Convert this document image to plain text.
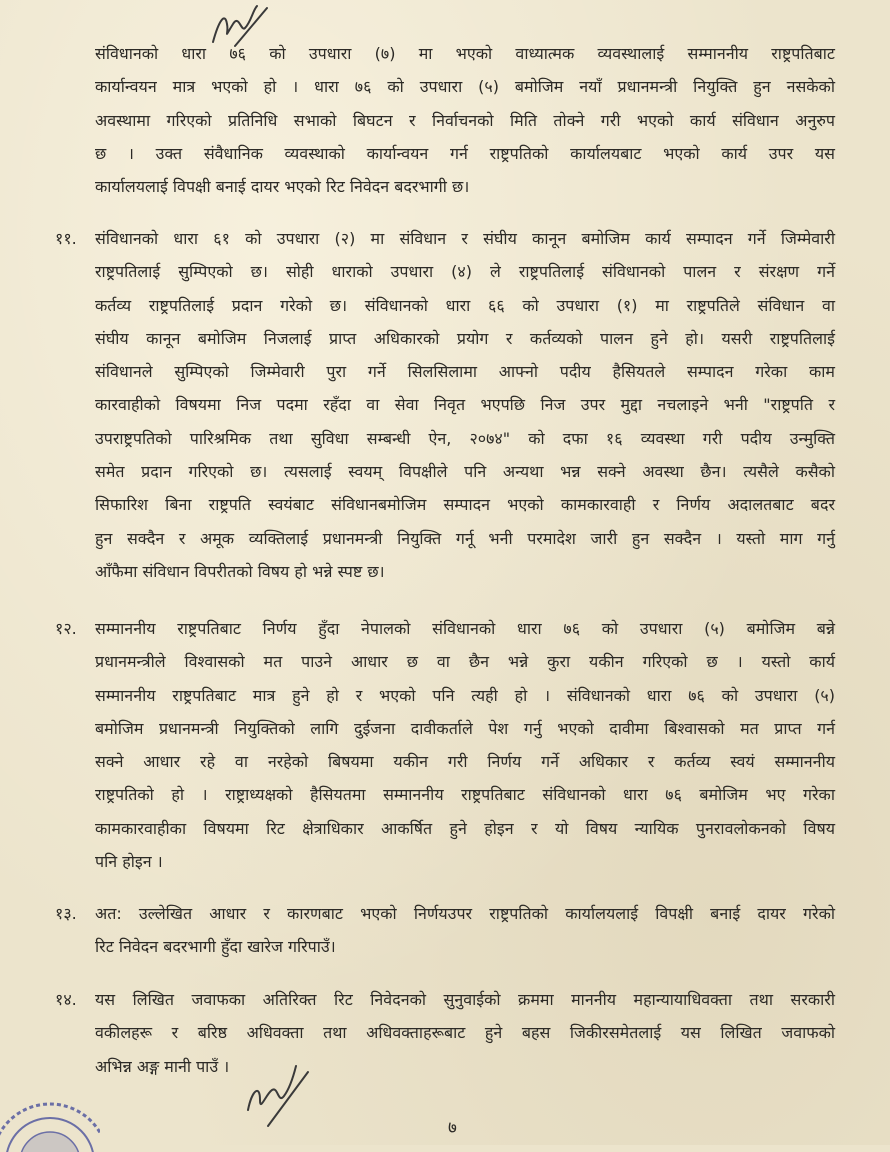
संविधानको धारा ७६ को उपधारा (७) मा भएको वाध्यात्मक व्यवस्थालाई सम्माननीय राष्ट्रपतिबाट
कार्यान्वयन मात्र भएको हो । धारा ७६ को उपधारा (५) बमोजिम नयाँ प्रधानमन्त्री नियुक्ति हुन नसकेको
अवस्थामा गरिएको प्रतिनिधि सभाको बिघटन र निर्वाचनको मिति तोक्ने गरी भएको कार्य संविधान अनुरुप
छ । उक्त संवैधानिक व्यवस्थाको कार्यान्वयन गर्न राष्ट्रपतिको कार्यालयबाट भएको कार्य उपर यस
कार्यालयलाई विपक्षी बनाई दायर भएको रिट निवेदन बदरभागी छ।
११. संविधानको धारा ६१ को उपधारा (२) मा संविधान र संघीय कानून बमोजिम कार्य सम्पादन गर्ने जिम्मेवारी
राष्ट्रपतिलाई सुम्पिएको छ। सोही धाराको उपधारा (४) ले राष्ट्रपतिलाई संविधानको पालन र संरक्षण गर्ने
कर्तव्य राष्ट्रपतिलाई प्रदान गरेको छ। संविधानको धारा ६६ को उपधारा (१) मा राष्ट्रपतिले संविधान वा
संघीय कानून बमोजिम निजलाई प्राप्त अधिकारको प्रयोग र कर्तव्यको पालन हुने हो। यसरी राष्ट्रपतिलाई
संविधानले सुम्पिएको जिम्मेवारी पुरा गर्ने सिलसिलामा आफ्नो पदीय हैसियतले सम्पादन गरेका काम
कारवाहीको विषयमा निज पदमा रहँदा वा सेवा निवृत भएपछि निज उपर मुद्दा नचलाइने भनी "राष्ट्रपति र
उपराष्ट्रपतिको पारिश्रमिक तथा सुविधा सम्बन्धी ऐन, २०७४" को दफा १६ व्यवस्था गरी पदीय उन्मुक्ति
समेत प्रदान गरिएको छ। त्यसलाई स्वयम् विपक्षीले पनि अन्यथा भन्न सक्ने अवस्था छैन। त्यसैले कसैको
सिफारिश बिना राष्ट्रपति स्वयंबाट संविधानबमोजिम सम्पादन भएको कामकारवाही र निर्णय अदालतबाट बदर
हुन सक्दैन र अमूक व्यक्तिलाई प्रधानमन्त्री नियुक्ति गर्नू भनी परमादेश जारी हुन सक्दैन । यस्तो माग गर्नु
आँफैमा संविधान विपरीतको विषय हो भन्ने स्पष्ट छ।
१२. सम्माननीय राष्ट्रपतिबाट निर्णय हुँदा नेपालको संविधानको धारा ७६ को उपधारा (५) बमोजिम बन्ने
प्रधानमन्त्रीले विश्वासको मत पाउने आधार छ वा छैन भन्ने कुरा यकीन गरिएको छ । यस्तो कार्य
सम्माननीय राष्ट्रपतिबाट मात्र हुने हो र भएको पनि त्यही हो । संविधानको धारा ७६ को उपधारा (५)
बमोजिम प्रधानमन्त्री नियुक्तिको लागि दुईजना दावीकर्ताले पेश गर्नु भएको दावीमा बिश्वासको मत प्राप्त गर्न
सक्ने आधार रहे वा नरहेको बिषयमा यकीन गरी निर्णय गर्ने अधिकार र कर्तव्य स्वयं सम्माननीय
राष्ट्रपतिको हो । राष्ट्राध्यक्षको हैसियतमा सम्माननीय राष्ट्रपतिबाट संविधानको धारा ७६ बमोजिम भए गरेका
कामकारवाहीका विषयमा रिट क्षेत्राधिकार आकर्षित हुने होइन र यो विषय न्यायिक पुनरावलोकनको विषय
पनि होइन ।
१३. अत: उल्लेखित आधार र कारणबाट भएको निर्णयउपर राष्ट्रपतिको कार्यालयलाई विपक्षी बनाई दायर गरेको
रिट निवेदन बदरभागी हुँदा खारेज गरिपाउँ।
१४. यस लिखित जवाफका अतिरिक्त रिट निवेदनको सुनुवाईको क्रममा माननीय महान्यायाधिवक्ता तथा सरकारी
वकीलहरू र बरिष्ठ अधिवक्ता तथा अधिवक्ताहरूबाट हुने बहस जिकीरसमेतलाई यस लिखित जवाफको
अभिन्न अङ्ग मानी पाउँ ।
७
